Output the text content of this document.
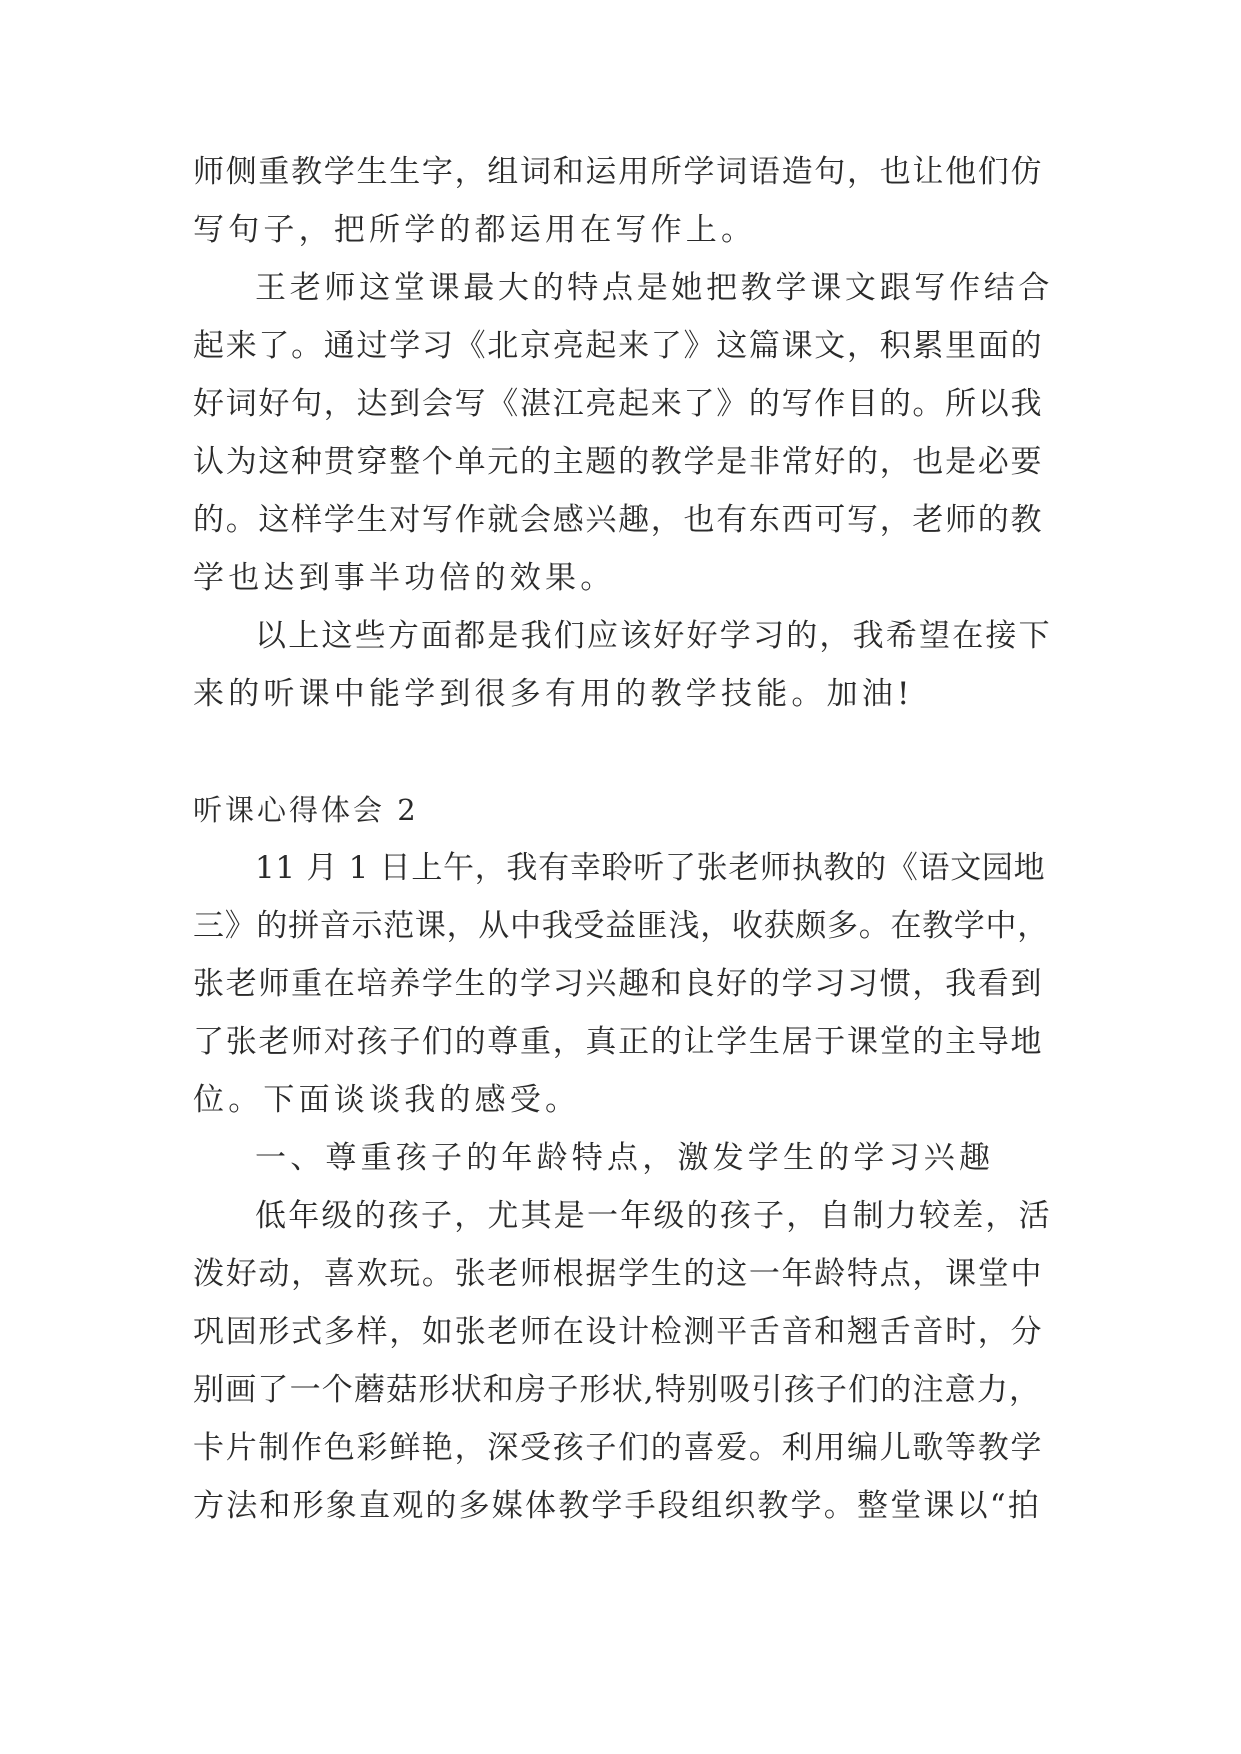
师侧重教学生生字，组词和运用所学词语造句，也让他们仿
写句子，把所学的都运用在写作上。
王老师这堂课最大的特点是她把教学课文跟写作结合
起来了。通过学习《北京亮起来了》这篇课文，积累里面的
好词好句，达到会写《湛江亮起来了》的写作目的。所以我
认为这种贯穿整个单元的主题的教学是非常好的，也是必要
的。这样学生对写作就会感兴趣，也有东西可写，老师的教
学也达到事半功倍的效果。
以上这些方面都是我们应该好好学习的，我希望在接下
来的听课中能学到很多有用的教学技能。加油!
听课心得体会 2
11 月 1 日上午，我有幸聆听了张老师执教的《语文园地
三》的拼音示范课，从中我受益匪浅，收获颇多。在教学中，
张老师重在培养学生的学习兴趣和良好的学习习惯，我看到
了张老师对孩子们的尊重，真正的让学生居于课堂的主导地
位。下面谈谈我的感受。
一、尊重孩子的年龄特点，激发学生的学习兴趣
低年级的孩子，尤其是一年级的孩子，自制力较差，活
泼好动，喜欢玩。张老师根据学生的这一年龄特点，课堂中
巩固形式多样，如张老师在设计检测平舌音和翘舌音时，分
别画了一个蘑菇形状和房子形状,特别吸引孩子们的注意力，
卡片制作色彩鲜艳，深受孩子们的喜爱。利用编儿歌等教学
方法和形象直观的多媒体教学手段组织教学。整堂课以“拍
